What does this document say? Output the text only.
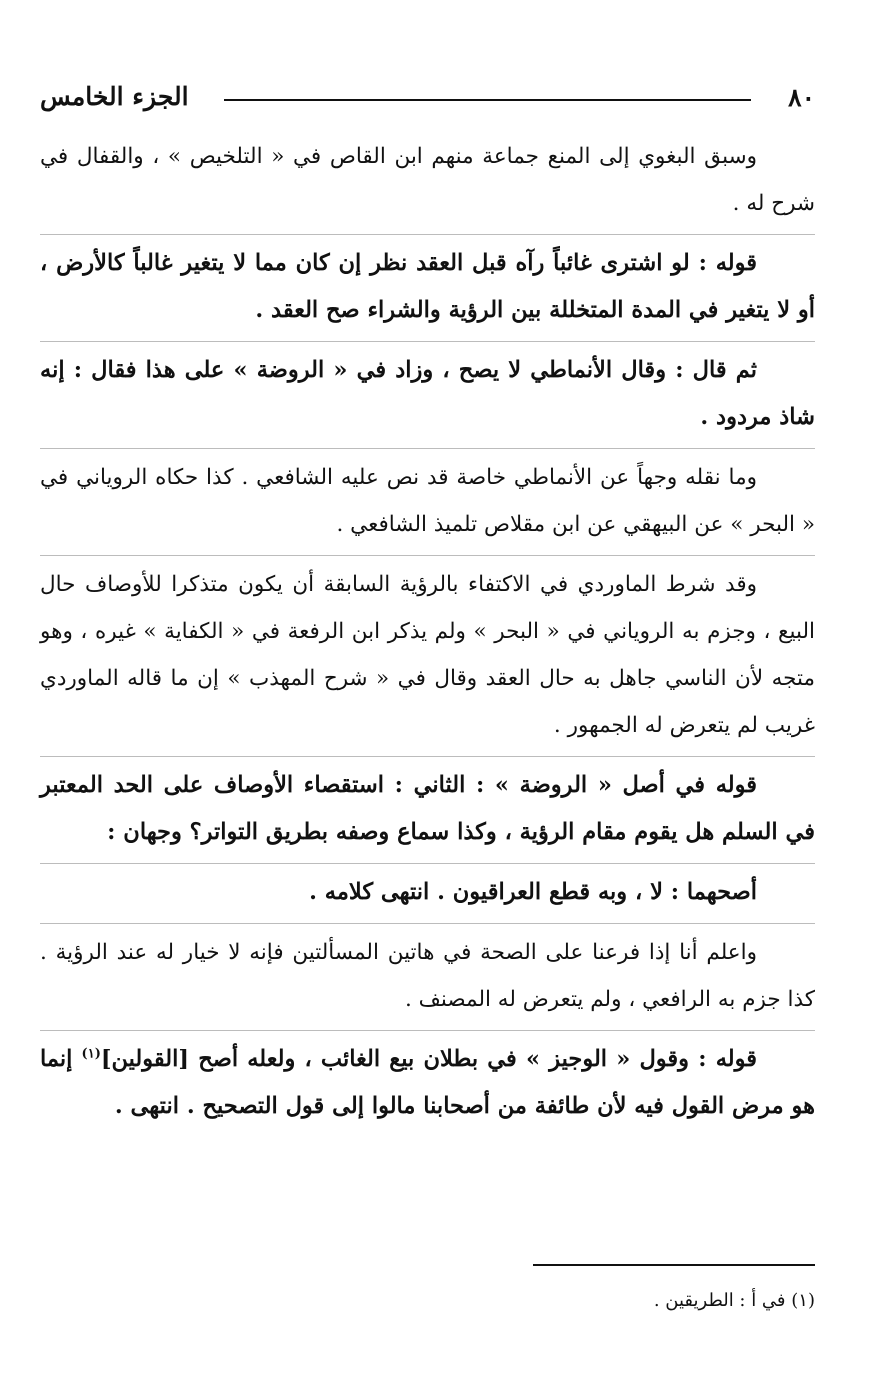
٨٠
الجزء الخامس

وسبق البغوي إلى المنع جماعة منهم ابن القاص في « التلخيص » ، والقفال في شرح له .

قوله : لو اشترى غائباً رآه قبل العقد نظر إن كان مما لا يتغير غالباً كالأرض ، أو لا يتغير في المدة المتخللة بين الرؤية والشراء صح العقد .

ثم قال : وقال الأنماطي لا يصح ، وزاد في « الروضة » على هذا فقال : إنه شاذ مردود .

وما نقله وجهاً عن الأنماطي خاصة قد نص عليه الشافعي . كذا حكاه الروياني في « البحر » عن البيهقي عن ابن مقلاص تلميذ الشافعي .

وقد شرط الماوردي في الاكتفاء بالرؤية السابقة أن يكون متذكرا للأوصاف حال البيع ، وجزم به الروياني في « البحر » ولم يذكر ابن الرفعة في « الكفاية » غيره ، وهو متجه لأن الناسي جاهل به حال العقد وقال في « شرح المهذب » إن ما قاله الماوردي غريب لم يتعرض له الجمهور .

قوله في أصل « الروضة » : الثاني : استقصاء الأوصاف على الحد المعتبر في السلم هل يقوم مقام الرؤية ، وكذا سماع وصفه بطريق التواتر؟ وجهان :

أصحهما : لا ، وبه قطع العراقيون . انتهى كلامه .

واعلم أنا إذا فرعنا على الصحة في هاتين المسألتين فإنه لا خيار له عند الرؤية . كذا جزم به الرافعي ، ولم يتعرض له المصنف .

قوله : وقول « الوجيز » في بطلان بيع الغائب ، ولعله أصح [القولين]$^{(١)}$ إنما هو مرض القول فيه لأن طائفة من أصحابنا مالوا إلى قول التصحيح . انتهى .

(١) في أ : الطريقين .
